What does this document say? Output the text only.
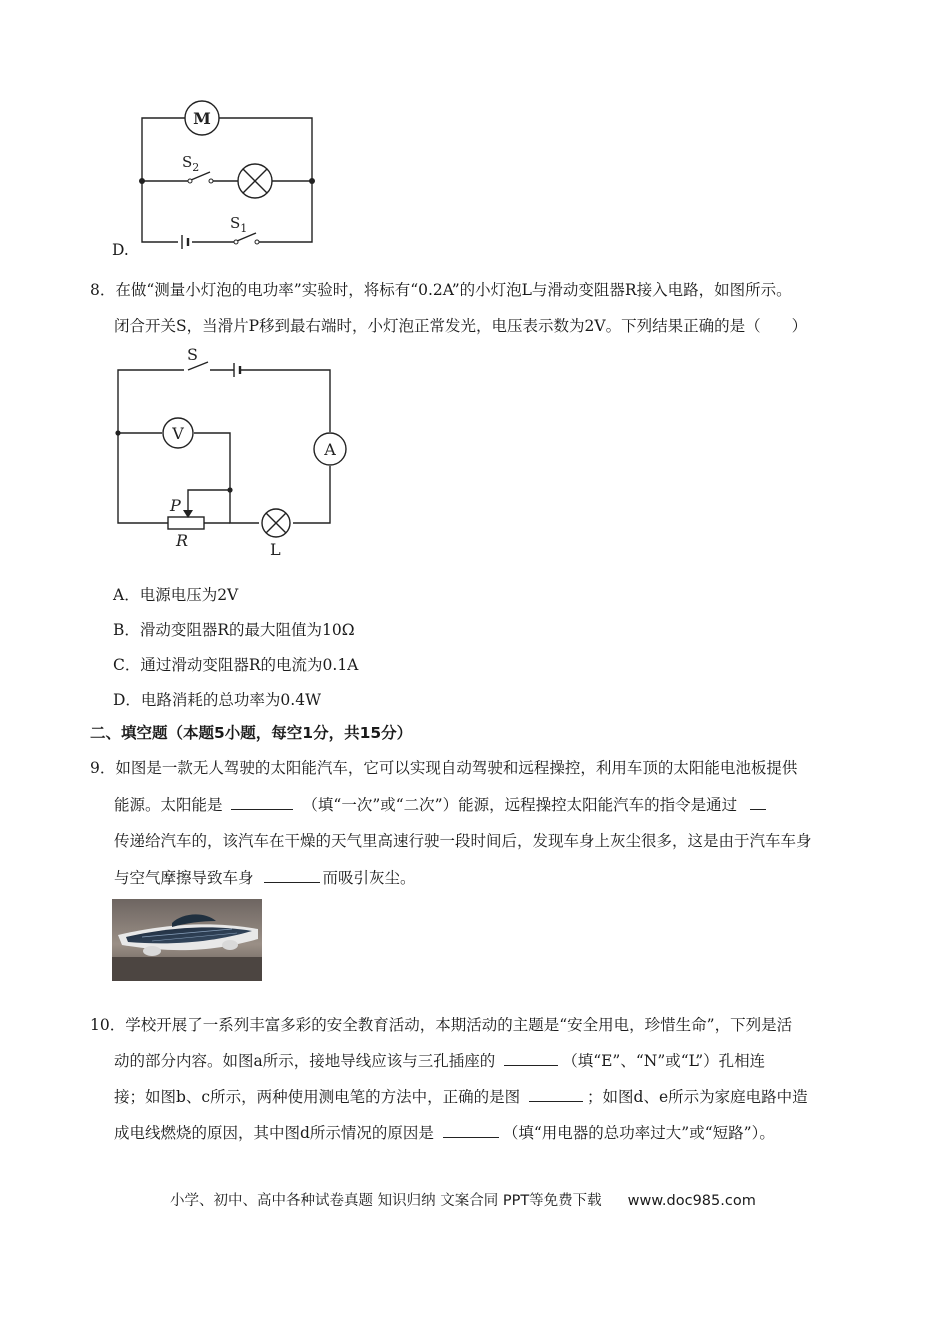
M
$S_2$
$S_1$
D.
8．在做“测量小灯泡的电功率”实验时，将标有“0.2A”的小灯泡L与滑动变阻器R接入电路，如图所示。
闭合开关S，当滑片P移到最右端时，小灯泡正常发光，电压表示数为2V。下列结果正确的是（　　）
V
A
S
P
R	L
A．电源电压为2V
B．滑动变阻器R的最大阻值为10Ω
C．通过滑动变阻器R的电流为0.1A
D．电路消耗的总功率为0.4W
二、填空题（本题5小题，每空1分，共15分）
9．如图是一款无人驾驶的太阳能汽车，它可以实现自动驾驶和远程操控，利用车顶的太阳能电池板提供
能源。太阳能是	（填“一次”或“二次”）能源，远程操控太阳能汽车的指令是通过
传递给汽车的，该汽车在干燥的天气里高速行驶一段时间后，发现车身上灰尘很多，这是由于汽车车身
与空气摩擦导致车身	而吸引灰尘。
10．学校开展了一系列丰富多彩的安全教育活动，本期活动的主题是“安全用电，珍惜生命”，下列是活
动的部分内容。如图a所示，接地导线应该与三孔插座的	（填“E”、“N”或“L”）孔相连
接；如图b、c所示，两种使用测电笔的方法中，正确的是图	；如图d、e所示为家庭电路中造
成电线燃烧的原因，其中图d所示情况的原因是	（填“用电器的总功率过大”或“短路”）。
小学、初中、高中各种试卷真题 知识归纳 文案合同 PPT等免费下载 www.doc985.com
